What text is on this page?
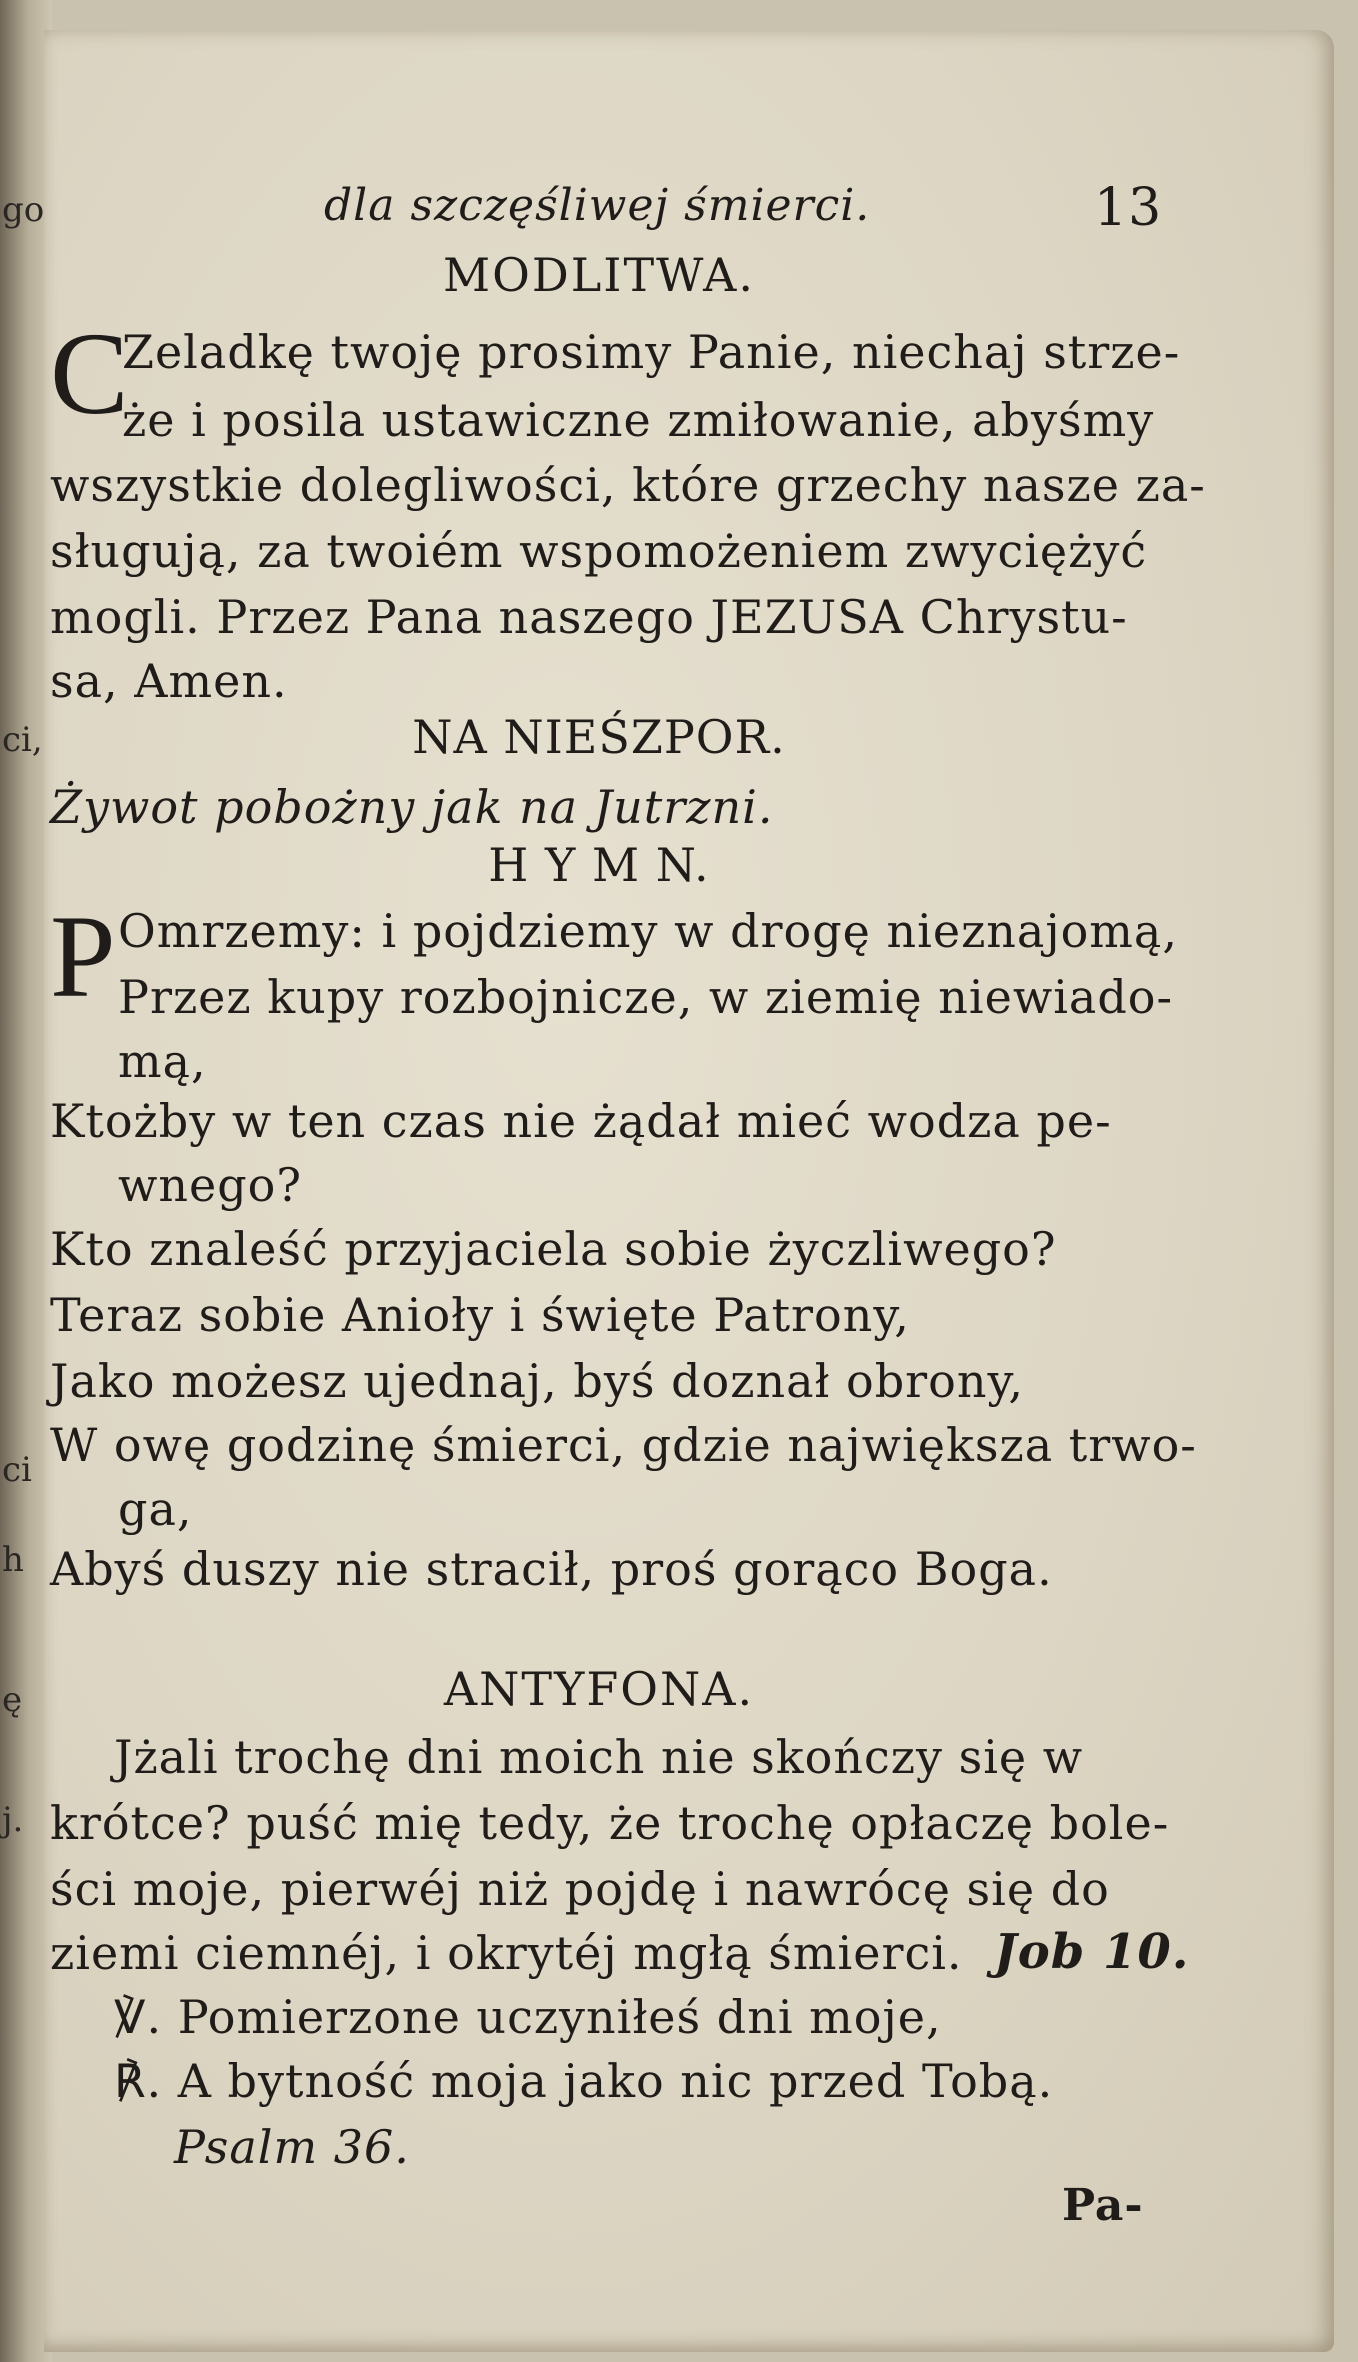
go
ci,
ci
h
ę
j.
dla szczęśliwej śmierci.	13
MODLITWA.
C
Zeladkę twoję prosimy Panie, niechaj strze-
że i posila ustawiczne zmiłowanie, abyśmy
wszystkie dolegliwości, które grzechy nasze za-
sługują, za twoiém wspomożeniem zwyciężyć
mogli. Przez Pana naszego JEZUSA Chrystu-
sa, Amen.
NA NIEŚZPOR.
Żywot pobożny jak na Jutrzni.
H Y M N.
P Omrzemy: i pojdziemy w drogę nieznajomą,
Przez kupy rozbojnicze, w ziemię niewiado-
mą,
Ktożby w ten czas nie żądał mieć wodza pe-
wnego?
Kto znaleść przyjaciela sobie życzliwego?
Teraz sobie Anioły i święte Patrony,
Jako możesz ujednaj, byś doznał obrony,
W owę godzinę śmierci, gdzie największa trwo-
ga,
Abyś duszy nie stracił, proś gorąco Boga.
ANTYFONA.
Jżali trochę dni moich nie skończy się w
krótce? puść mię tedy, że trochę opłaczę bole-
ści moje, pierwéj niż pojdę i nawrócę się do
ziemi ciemnéj, i okrytéj mgłą śmierci. Job 10.
℣. Pomierzone uczyniłeś dni moje,
℟. A bytność moja jako nic przed Tobą.
Psalm 36.
Pa-
